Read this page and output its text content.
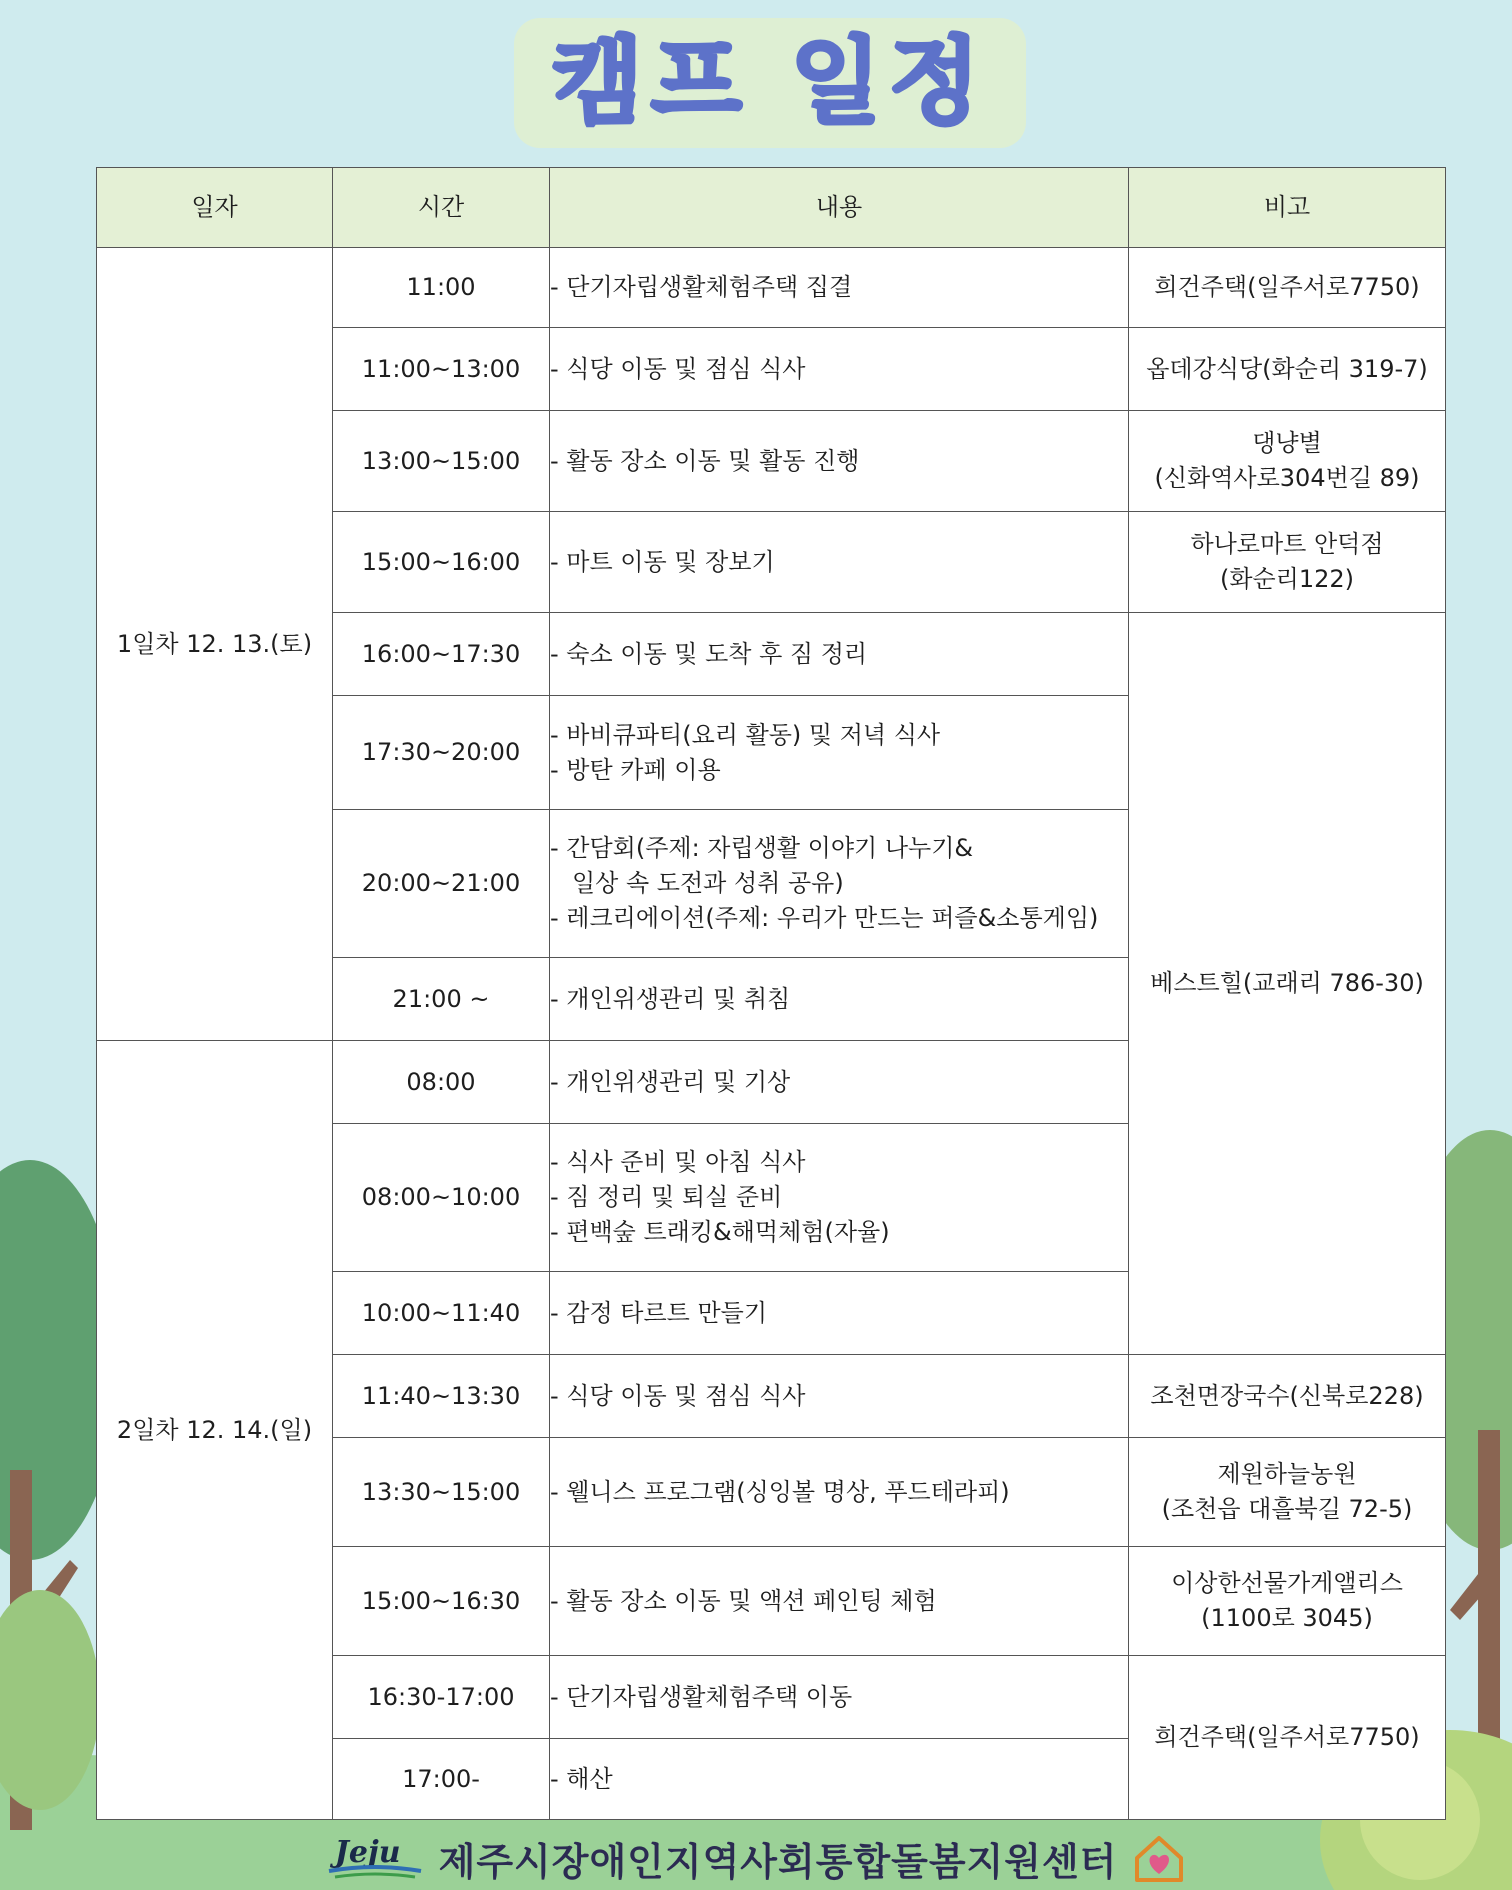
캠프 일정
일자	시간	내용	비고
1일차 12. 13.(토)	11:00	- 단기자립생활체험주택 집결	희건주택(일주서로7750)

	11:00~13:00	- 식당 이동 및 점심 식사	옵데강식당(화순리 319-7)

	13:00~15:00	- 활동 장소 이동 및 활동 진행	댕냥별
(신화역사로304번길 89)

	15:00~16:00	- 마트 이동 및 장보기	하나로마트 안덕점
(화순리122)

	16:00~17:30	- 숙소 이동 및 도착 후 짐 정리	베스트힐(교래리 786-30)

	17:30~20:00	- 바비큐파티(요리 활동) 및 저녁 식사
- 방탄 카페 이용	

	20:00~21:00	- 간담회(주제: 자립생활 이야기 나누기&
일상 속 도전과 성취 공유)
- 레크리에이션(주제: 우리가 만드는 퍼즐&소통게임)	

	21:00 ~	- 개인위생관리 및 취침	

2일차 12. 14.(일)	08:00	- 개인위생관리 및 기상	

	08:00~10:00	- 식사 준비 및 아침 식사
- 짐 정리 및 퇴실 준비
- 편백숲 트래킹&해먹체험(자율)	

	10:00~11:40	- 감정 타르트 만들기	

	11:40~13:30	- 식당 이동 및 점심 식사	조천면장국수(신북로228)

	13:30~15:00	- 웰니스 프로그램(싱잉볼 명상, 푸드테라피)	제원하늘농원
(조천읍 대흘북길 72-5)

	15:00~16:30	- 활동 장소 이동 및 액션 페인팅 체험	이상한선물가게앨리스
(1100로 3045)

	16:30-17:00	- 단기자립생활체험주택 이동	희건주택(일주서로7750)

	17:00-	- 해산	
Jeju 제주시장애인지역사회통합돌봄지원센터
